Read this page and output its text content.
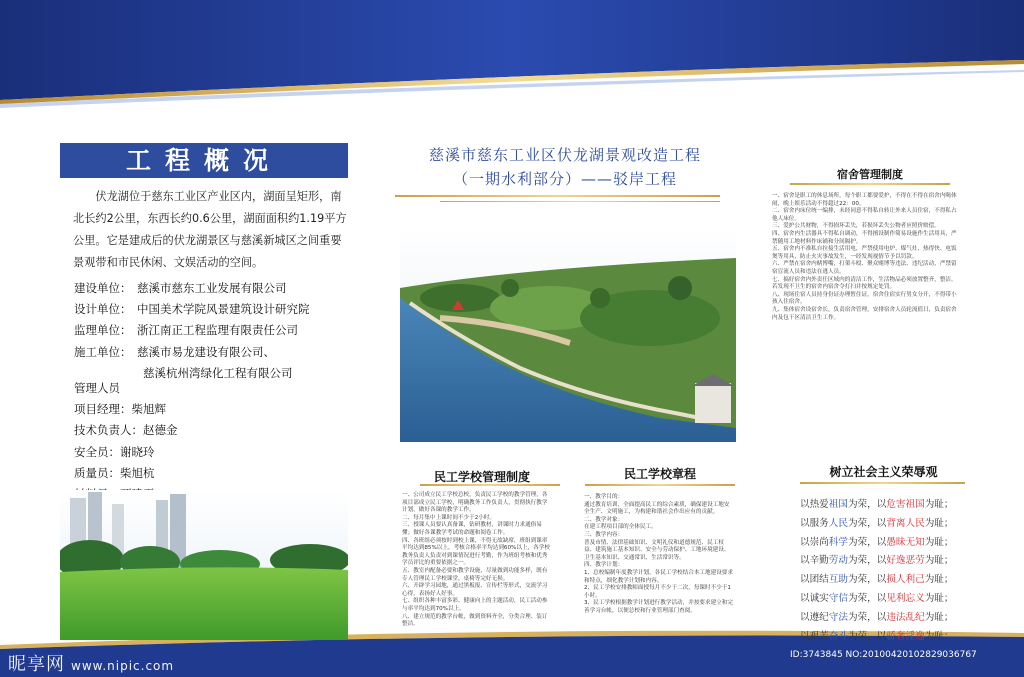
工程概况
伏龙湖位于慈东工业区产业区内，湖面呈矩形，南北长约2公里，东西长约0.6公里，湖面面积约1.19平方公里。它是建成后的伏龙湖景区与慈溪新城区之间重要景观带和市民休闲、文娱活动的空间。
建设单位： 慈溪市慈东工业发展有限公司
设计单位： 中国美术学院风景建筑设计研究院
监理单位： 浙江南正工程监理有限责任公司
施工单位： 慈溪市易龙建设有限公司、
慈溪杭州湾绿化工程有限公司
管理人员
项目经理：柴旭辉
技术负责人：赵德金
安全员：谢晓玲
质量员：柴旭杭
慈溪市慈东工业区伏龙湖景观改造工程
（一期水利部分）——驳岸工程
民工学校管理制度

一、公司成立民工学校总校，负责民工学校的教学管理，各项目部成立民工学校，明确教务工作负责人，贯彻执行教学计划，做好各课的教学工作。

二、每月集中上课时间不少于2小时。

三、授课人员要认真备课，钻研教材，讲课时力求通俗易懂；做好各课教学考试的命题和阅卷工作。

四、各班组必须按时到校上课，不得无故缺席，班组到课率平均达到85%以上，考核合格率平均达到60%以上，各学校教务负责人负责对到课情况进行考勤，作为班组考核和优秀学员评比的重要依据之一。

五、教室内配备必要和教学设施，尽量做到功能多样，既有专人管理民工学校课堂，桌椅等完好无损。

六、开辟学习园地，通过黑板报、宣传栏等形式，交流学习心得，表扬好人好事。

七、组织各种丰富多彩、健康向上的主题活动，民工活动参与率平均达到70%以上。

八、建立规范的教学台帐，做到资料齐全，分类合理、装订整洁。

民工学校章程

一、教学目的：

通过教育培训、全面提高民工的综合素质，确保建设工地安全生产、文明施工，为构建和谐社会作出应有的贡献。

二、教学对象：

在建工程项目部的全体民工。

三、教学内容：

普及市情、法律基础知识、文明礼仪和道德规范、民工权益、建筑施工基本知识、安全与劳动保护、工地环境建设、卫生基本知识、交通常识、生活常识等。

四、教学计划：

1、总校编制年度教学计划，各民工学校结合本工地建设要求和特点，细化教学计划和内容。

2、民工学校安排教师面授每月不少于二次，每课时不少于1小时。

3、民工学校根据教学计划进行教学活动，并按要求建立和完善学习台帐，以便总校和行业管理部门查阅。

宿舍管理制度

一、宿舍是职工的休息场所，每个职工都要爱护，不得在不得在宿舍内喝体闹，晚上娱乐活动不得超过22：00。

二、宿舍内床位统一编排，未经同意不得私自转让外来人员住宿，不得私占他人床位。

三、爱护公共财物，不得损坏丢失，若损坏丢失公物者应照价赔偿。

四、宿舍内生活器具不得私自调动，不得擅设制作简易设施作生活用具，严禁随用工地材料作床铺和分间隔护。

五、宿舍内不准私自拉接生活用电，严禁使用电炉、煤气灶、热得快、电饭煲等用具，防止火灾事故发生，一经发现视情节予以罚款。

六、严禁在宿舍内赌博嘴，打架斗殴、聚众赌博等违法、违纪活动，严禁留宿盲流人员和违法在逃人员。

七、搞好宿舍内外责任区域内的清洁工作，生活物品必须放置整齐，整洁。若发现不卫生的宿舍内宿舍令打扫并按规定处罚。

八、现场住宿人员持身份证办理暂住证，宿舍住宿实行男女分开，不得带小孩入住宿舍。

九、集体宿舍设宿舍长，负责宿舍管理，安排宿舍人员轮流值日，负责宿舍内及包干区清洁卫生工作。

树立社会主义荣辱观
以热爱祖国为荣，以危害祖国为耻；
以服务人民为荣，以背离人民为耻；
以崇尚科学为荣，以愚昧无知为耻；
以辛勤劳动为荣，以好逸恶劳为耻；
以团结互助为荣，以损人利己为耻；
以诚实守信为荣，以见利忘义为耻；
以遵纪守法为荣，以违法乱纪为耻；
以艰苦奋斗为荣，以骄奢淫逸为耻；
昵享网 www.nipic.com
ID:3743845 NO:20100420102829036767
